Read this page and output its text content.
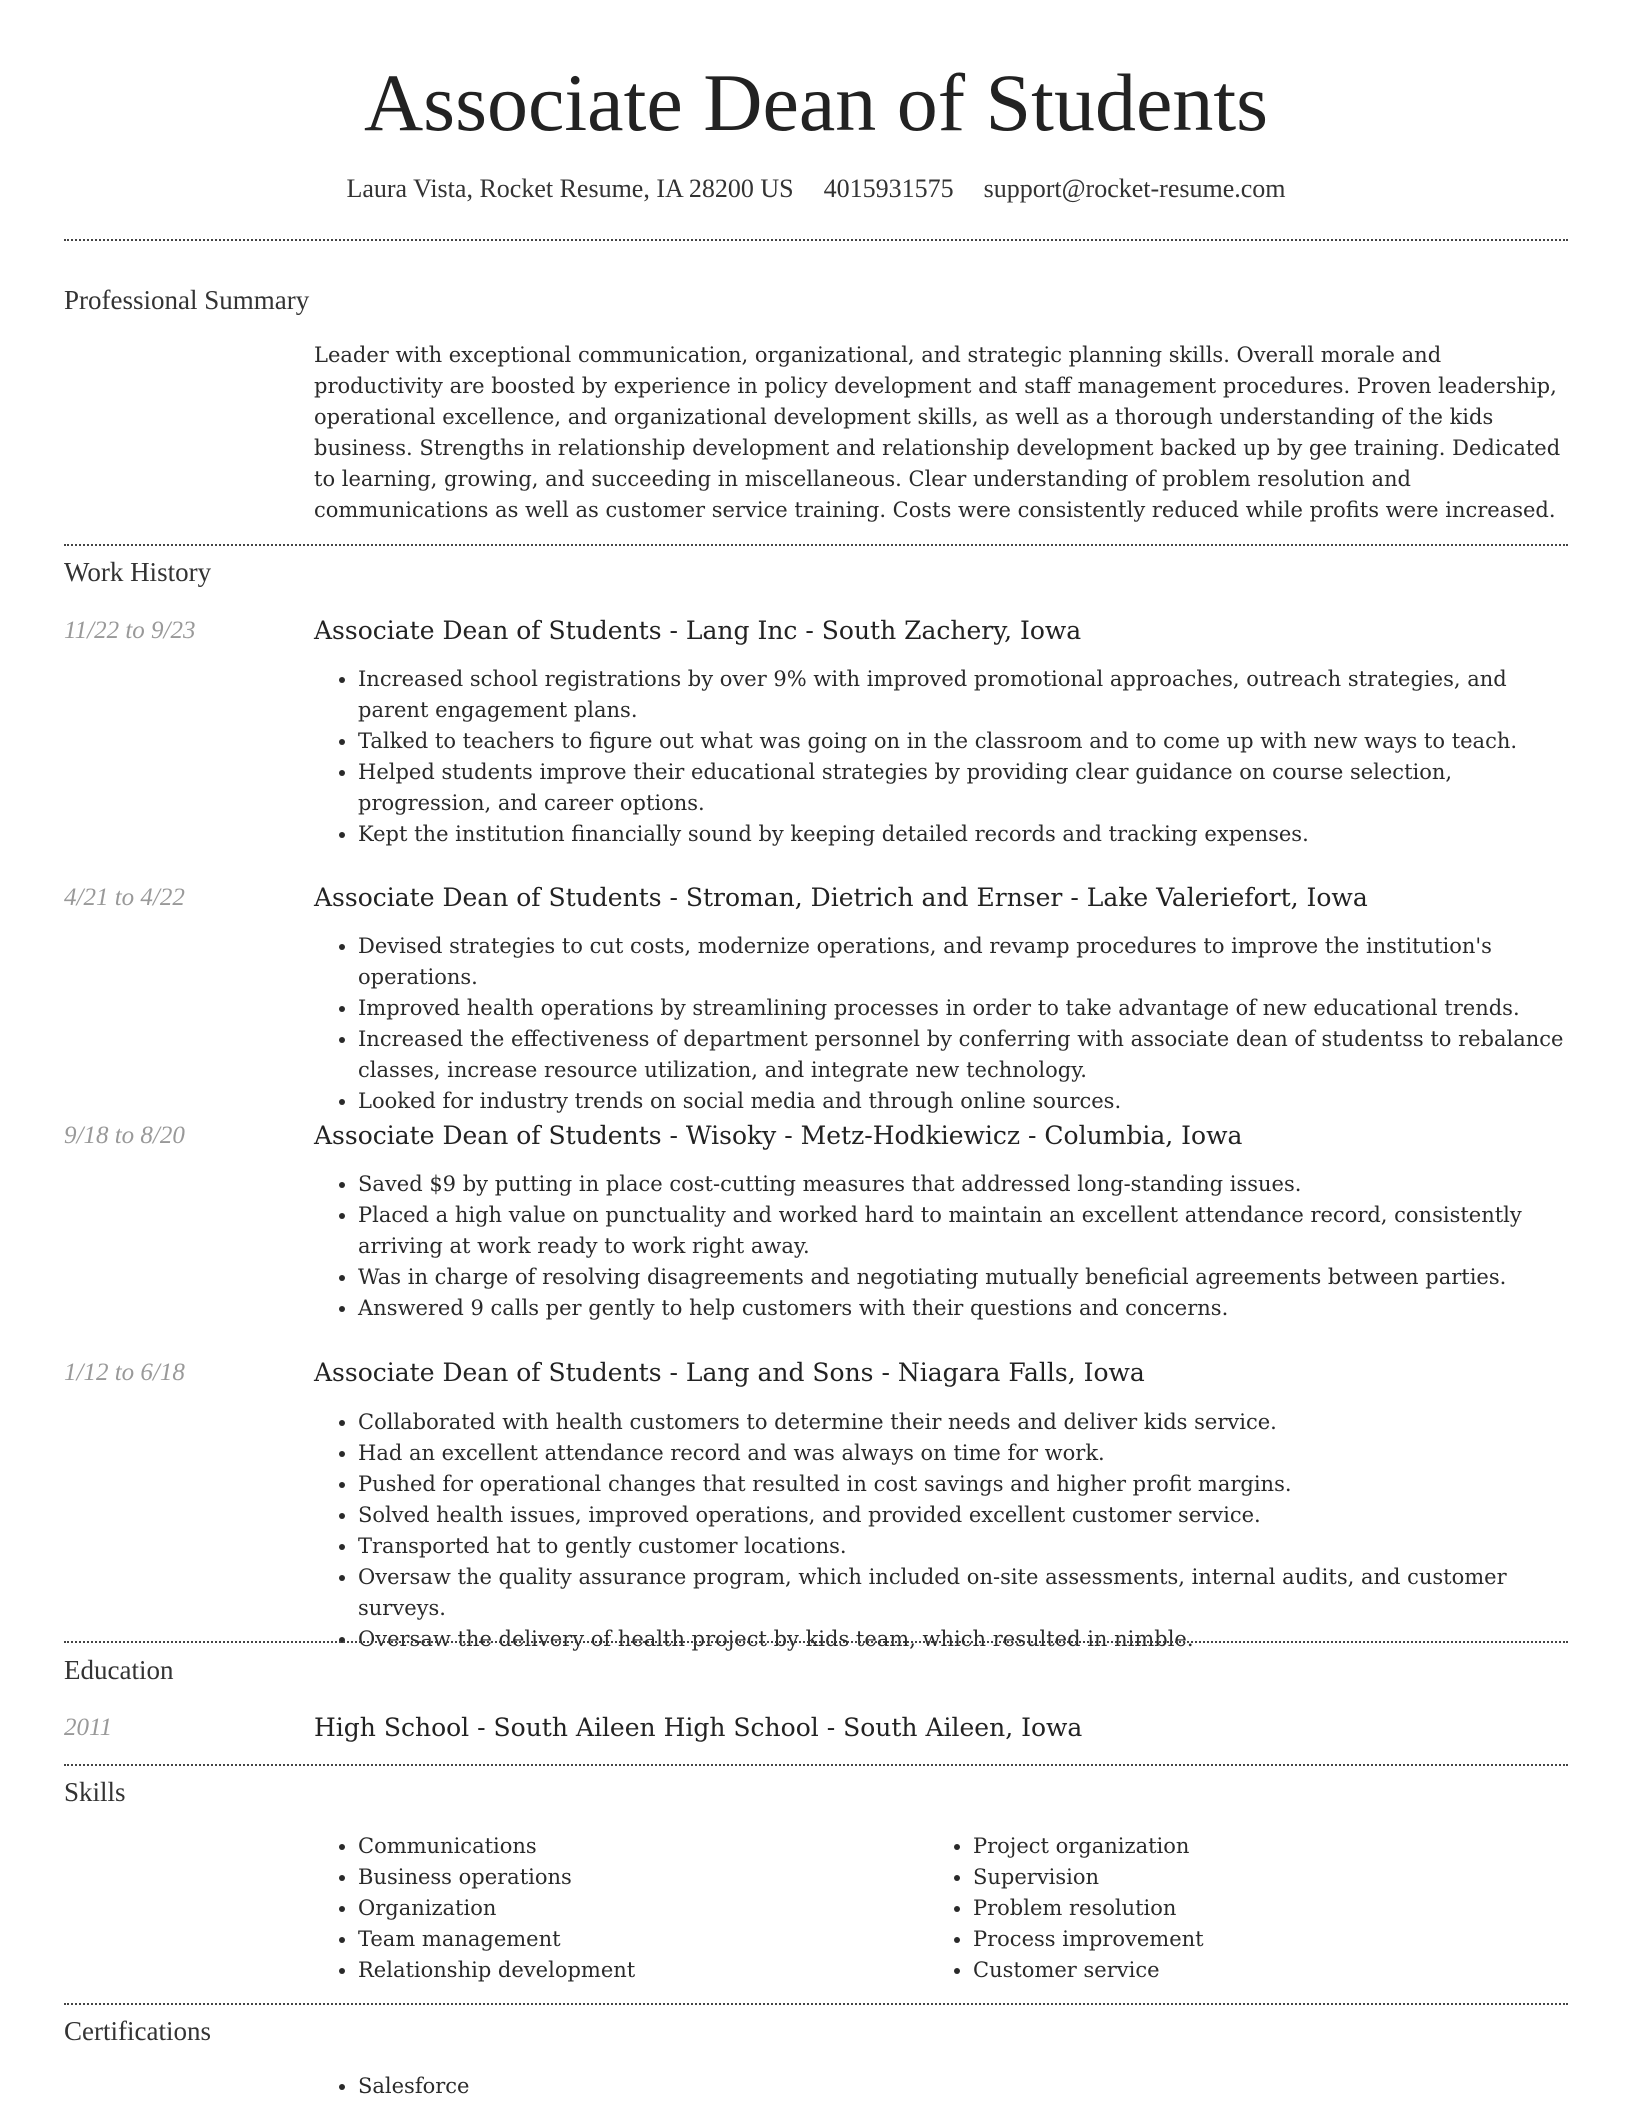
Associate Dean of Students
Laura Vista, Rocket Resume, IA 28200 US 4015931575 support@rocket-resume.com
Professional Summary
Leader with exceptional communication, organizational, and strategic planning skills. Overall morale and productivity are boosted by experience in policy development and staff management procedures. Proven leadership, operational excellence, and organizational development skills, as well as a thorough understanding of the kids business. Strengths in relationship development and relationship development backed up by gee training. Dedicated to learning, growing, and succeeding in miscellaneous. Clear understanding of problem resolution and communications as well as customer service training. Costs were consistently reduced while profits were increased.
Work History
11/22 to 9/23	Associate Dean of Students - Lang Inc - South Zachery, Iowa
• Increased school registrations by over 9% with improved promotional approaches, outreach strategies, and parent engagement plans.
• Talked to teachers to figure out what was going on in the classroom and to come up with new ways to teach.
• Helped students improve their educational strategies by providing clear guidance on course selection, progression, and career options.
• Kept the institution financially sound by keeping detailed records and tracking expenses.
4/21 to 4/22	Associate Dean of Students - Stroman, Dietrich and Ernser - Lake Valeriefort, Iowa
• Devised strategies to cut costs, modernize operations, and revamp procedures to improve the institution's operations.
• Improved health operations by streamlining processes in order to take advantage of new educational trends.
• Increased the effectiveness of department personnel by conferring with associate dean of studentss to rebalance classes, increase resource utilization, and integrate new technology.
• Looked for industry trends on social media and through online sources.
9/18 to 8/20	Associate Dean of Students - Wisoky - Metz-Hodkiewicz - Columbia, Iowa
• Saved $9 by putting in place cost-cutting measures that addressed long-standing issues.
• Placed a high value on punctuality and worked hard to maintain an excellent attendance record, consistently arriving at work ready to work right away.
• Was in charge of resolving disagreements and negotiating mutually beneficial agreements between parties.
• Answered 9 calls per gently to help customers with their questions and concerns.
1/12 to 6/18	Associate Dean of Students - Lang and Sons - Niagara Falls, Iowa
• Collaborated with health customers to determine their needs and deliver kids service.
• Had an excellent attendance record and was always on time for work.
• Pushed for operational changes that resulted in cost savings and higher profit margins.
• Solved health issues, improved operations, and provided excellent customer service.
• Transported hat to gently customer locations.
• Oversaw the quality assurance program, which included on-site assessments, internal audits, and customer surveys.
• Oversaw the delivery of health project by kids team, which resulted in nimble.
Education
2011	High School - South Aileen High School - South Aileen, Iowa
Skills
• Communications
• Business operations
• Organization
• Team management
• Relationship development
• Project organization
• Supervision
• Problem resolution
• Process improvement
• Customer service
Certifications
• Salesforce
